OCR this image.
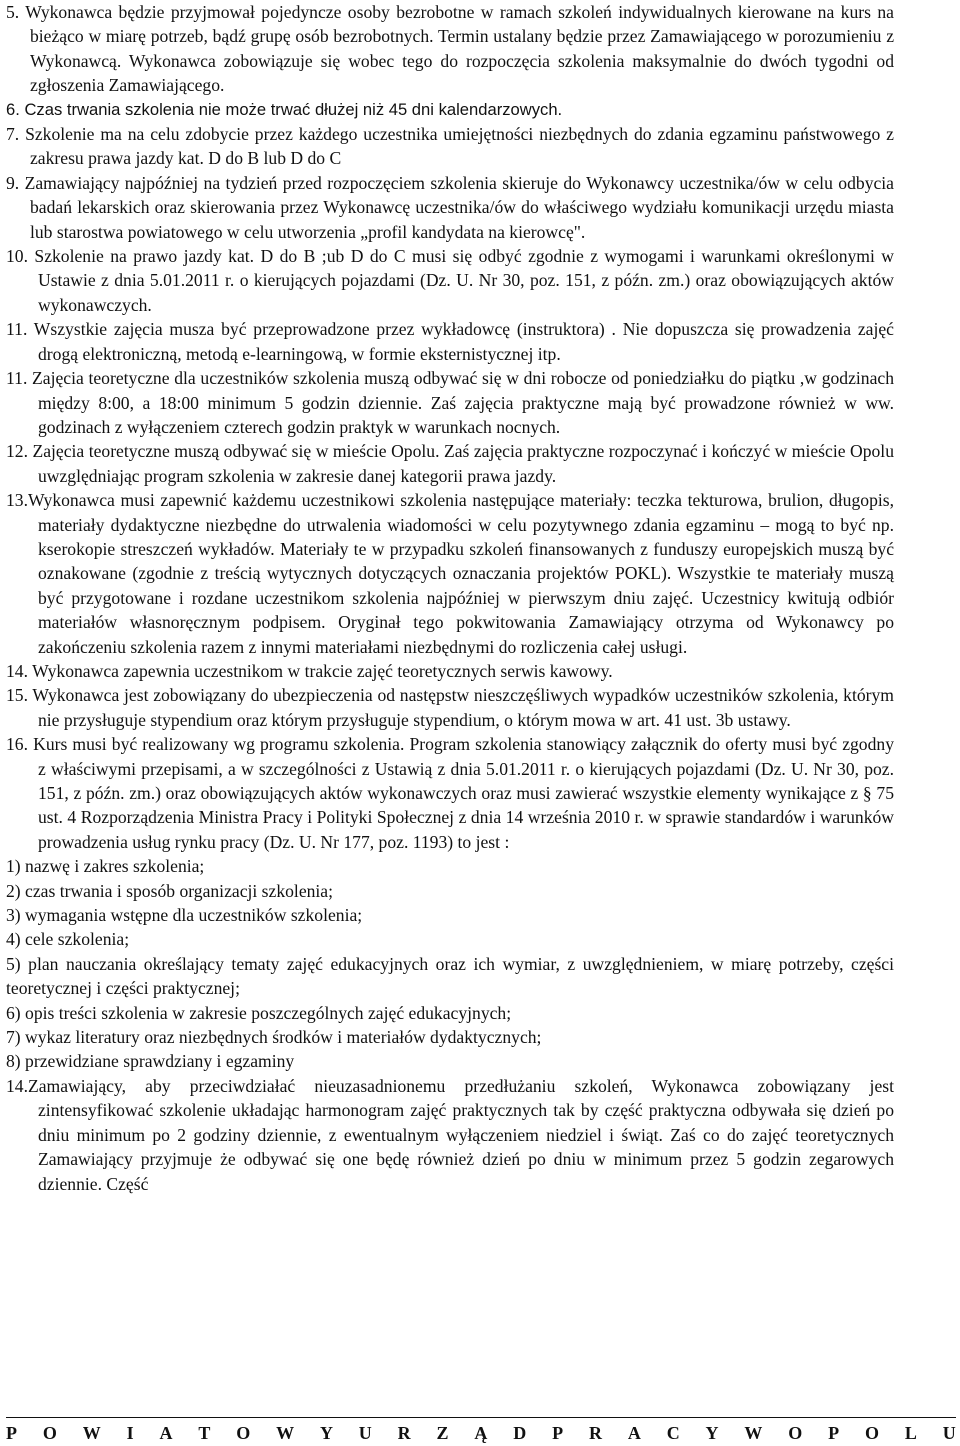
5. Wykonawca będzie przyjmował pojedyncze osoby bezrobotne w ramach szkoleń indywidualnych kierowane na kurs na bieżąco w miarę potrzeb, bądź grupę osób bezrobotnych. Termin ustalany będzie przez Zamawiającego w porozumieniu z Wykonawcą. Wykonawca zobowiązuje się wobec tego do rozpoczęcia szkolenia maksymalnie do dwóch tygodni od zgłoszenia Zamawiającego.

6. Czas trwania szkolenia nie może trwać dłużej niż 45 dni kalendarzowych.

7. Szkolenie ma na celu zdobycie przez każdego uczestnika umiejętności niezbędnych do zdania egzaminu państwowego z zakresu prawa jazdy kat. D do B lub D do C

9. Zamawiający najpóźniej na tydzień przed rozpoczęciem szkolenia skieruje do Wykonawcy uczestnika/ów w celu odbycia badań lekarskich oraz skierowania przez Wykonawcę uczestnika/ów do właściwego wydziału komunikacji urzędu miasta lub starostwa powiatowego w celu utworzenia „profil kandydata na kierowcę".

10. Szkolenie na prawo jazdy kat. D do B ;ub D do C musi się odbyć zgodnie z wymogami i warunkami określonymi w Ustawie z dnia 5.01.2011 r. o kierujących pojazdami (Dz. U. Nr 30, poz. 151, z późn. zm.) oraz obowiązujących aktów wykonawczych.

11. Wszystkie zajęcia musza być przeprowadzone przez wykładowcę (instruktora) . Nie dopuszcza się prowadzenia zajęć drogą elektroniczną, metodą e-learningową, w formie eksternistycznej itp.

11. Zajęcia teoretyczne dla uczestników szkolenia muszą odbywać się w dni robocze od poniedziałku do piątku ,w godzinach między 8:00, a 18:00 minimum 5 godzin dziennie. Zaś zajęcia praktyczne mają być prowadzone również w ww. godzinach z wyłączeniem czterech godzin praktyk w warunkach nocnych.

12. Zajęcia teoretyczne muszą odbywać się w mieście Opolu. Zaś zajęcia praktyczne rozpoczynać i kończyć w mieście Opolu uwzględniając program szkolenia w zakresie danej kategorii prawa jazdy.

13.Wykonawca musi zapewnić każdemu uczestnikowi szkolenia następujące materiały: teczka tekturowa, brulion, długopis, materiały dydaktyczne niezbędne do utrwalenia wiadomości w celu pozytywnego zdania egzaminu – mogą to być np. kserokopie streszczeń wykładów. Materiały te w przypadku szkoleń finansowanych z funduszy europejskich muszą być oznakowane (zgodnie z treścią wytycznych dotyczących oznaczania projektów POKL). Wszystkie te materiały muszą być przygotowane i rozdane uczestnikom szkolenia najpóźniej w pierwszym dniu zajęć. Uczestnicy kwitują odbiór materiałów własnoręcznym podpisem. Oryginał tego pokwitowania Zamawiający otrzyma od Wykonawcy po zakończeniu szkolenia razem z innymi materiałami niezbędnymi do rozliczenia całej usługi.

14. Wykonawca zapewnia uczestnikom w trakcie zajęć teoretycznych serwis kawowy.

15. Wykonawca jest zobowiązany do ubezpieczenia od następstw nieszczęśliwych wypadków uczestników szkolenia, którym nie przysługuje stypendium oraz którym przysługuje stypendium, o którym mowa w art. 41 ust. 3b ustawy.

16. Kurs musi być realizowany wg programu szkolenia. Program szkolenia stanowiący załącznik do oferty musi być zgodny z właściwymi przepisami, a w szczególności z Ustawią z dnia 5.01.2011 r. o kierujących pojazdami (Dz. U. Nr 30, poz. 151, z późn. zm.) oraz obowiązujących aktów wykonawczych oraz musi zawierać wszystkie elementy wynikające z § 75 ust. 4 Rozporządzenia Ministra Pracy i Polityki Społecznej z dnia 14 września 2010 r. w sprawie standardów i warunków prowadzenia usług rynku pracy (Dz. U. Nr 177, poz. 1193) to jest :

1) nazwę i zakres szkolenia;

2) czas trwania i sposób organizacji szkolenia;

3) wymagania wstępne dla uczestników szkolenia;

4) cele szkolenia;

5) plan nauczania określający tematy zajęć edukacyjnych oraz ich wymiar, z uwzględnieniem, w miarę potrzeby, części teoretycznej i części praktycznej;

6) opis treści szkolenia w zakresie poszczególnych zajęć edukacyjnych;

7) wykaz literatury oraz niezbędnych środków i materiałów dydaktycznych;

8) przewidziane sprawdziany i egzaminy

14.Zamawiający, aby przeciwdziałać nieuzasadnionemu przedłużaniu szkoleń, Wykonawca zobowiązany jest zintensyfikować szkolenie układając harmonogram zajęć praktycznych tak by część praktyczna odbywała się dzień po dniu minimum po 2 godziny dziennie, z ewentualnym wyłączeniem niedziel i świąt. Zaś co do zajęć teoretycznych Zamawiający przyjmuje że odbywać się one będę również dzień po dniu w minimum przez 5 godzin zegarowych dziennie. Część

P O W I A T O W Y U R Z Ą D P R A C Y W O P O L U
